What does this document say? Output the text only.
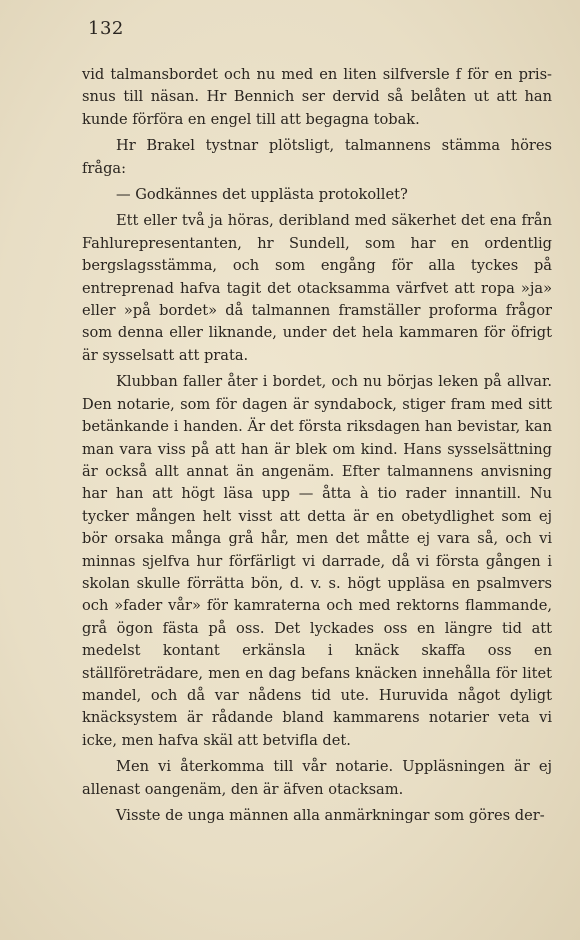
132

vid talmansbordet och nu med en liten silfversle f för en pris-snus till näsan. Hr Bennich ser dervid så belåten ut att han kunde förföra en engel till att begagna tobak.

Hr Brakel tystnar plötsligt, talmannens stämma höres fråga:

— Godkännes det upplästa protokollet?

Ett eller två ja höras, deribland med säkerhet det ena från Fahlurepresentanten, hr Sundell, som har en ordentlig bergslagsstämma, och som engång för alla tyckes på entreprenad hafva tagit det otacksamma värfvet att ropa »ja» eller »på bordet» då talmannen framställer proforma frågor som denna eller liknande, under det hela kammaren för öfrigt är sysselsatt att prata.

Klubban faller åter i bordet, och nu börjas leken på allvar. Den notarie, som för dagen är syndabock, stiger fram med sitt betänkande i handen. Är det första riksdagen han bevistar, kan man vara viss på att han är blek om kind. Hans sysselsättning är också allt annat än angenäm. Efter talmannens anvisning har han att högt läsa upp — åtta à tio rader innantill. Nu tycker mången helt visst att detta är en obetydlighet som ej bör orsaka många grå hår, men det måtte ej vara så, och vi minnas sjelfva hur förfärligt vi darrade, då vi första gången i skolan skulle förrätta bön, d. v. s. högt uppläsa en psalmvers och »fader vår» för kamraterna och med rektorns flammande, grå ögon fästa på oss. Det lyckades oss en längre tid att medelst kontant erkänsla i knäck skaffa oss en ställföreträdare, men en dag befans knäcken innehålla för litet mandel, och då var nådens tid ute. Huruvida något dyligt knäcksystem är rådande bland kammarens notarier veta vi icke, men hafva skäl att betvifla det.

Men vi återkomma till vår notarie. Uppläsningen är ej allenast oangenäm, den är äfven otacksam.

Visste de unga männen alla anmärkningar som göres der-
